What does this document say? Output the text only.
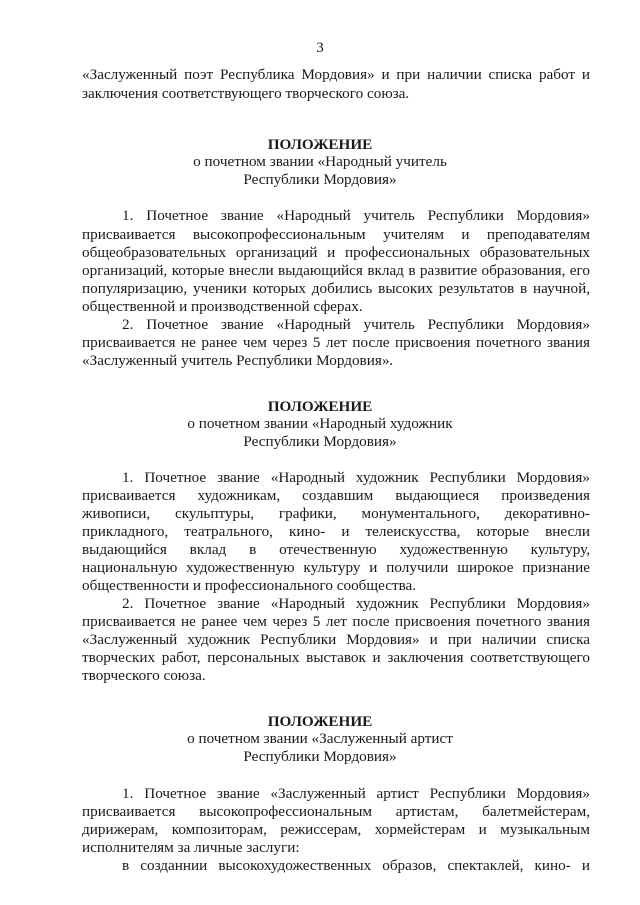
3
«Заслуженный поэт Республика Мордовия» и при наличии списка работ и
заключения соответствующего творческого союза.
ПОЛОЖЕНИЕ
о почетном звании «Народный учитель
Республики Мордовия»
1. Почетное звание «Народный учитель Республики Мордовия»
присваивается высокопрофессиональным учителям и преподавателям
общеобразовательных организаций и профессиональных образовательных
организаций, которые внесли выдающийся вклад в развитие образования, его
популяризацию, ученики которых добились высоких результатов в научной,
общественной и производственной сферах.
2. Почетное звание «Народный учитель Республики Мордовия»
присваивается не ранее чем через 5 лет после присвоения почетного звания
«Заслуженный учитель Республики Мордовия».
ПОЛОЖЕНИЕ
о почетном звании «Народный художник
Республики Мордовия»
1. Почетное звание «Народный художник Республики Мордовия»
присваивается художникам, создавшим выдающиеся произведения
живописи, скульптуры, графики, монументального, декоративно-
прикладного, театрального, кино- и телеискусства, которые внесли
выдающийся вклад в отечественную художественную культуру,
национальную художественную культуру и получили широкое признание
общественности и профессионального сообщества.
2. Почетное звание «Народный художник Республики Мордовия»
присваивается не ранее чем через 5 лет после присвоения почетного звания
«Заслуженный художник Республики Мордовия» и при наличии списка
творческих работ, персональных выставок и заключения соответствующего
творческого союза.
ПОЛОЖЕНИЕ
о почетном звании «Заслуженный артист
Республики Мордовия»
1. Почетное звание «Заслуженный артист Республики Мордовия»
присваивается высокопрофессиональным артистам, балетмейстерам,
дирижерам, композиторам, режиссерам, хормейстерам и музыкальным
исполнителям за личные заслуги:
в созданнии высокохудожественных образов, спектаклей, кино- и
